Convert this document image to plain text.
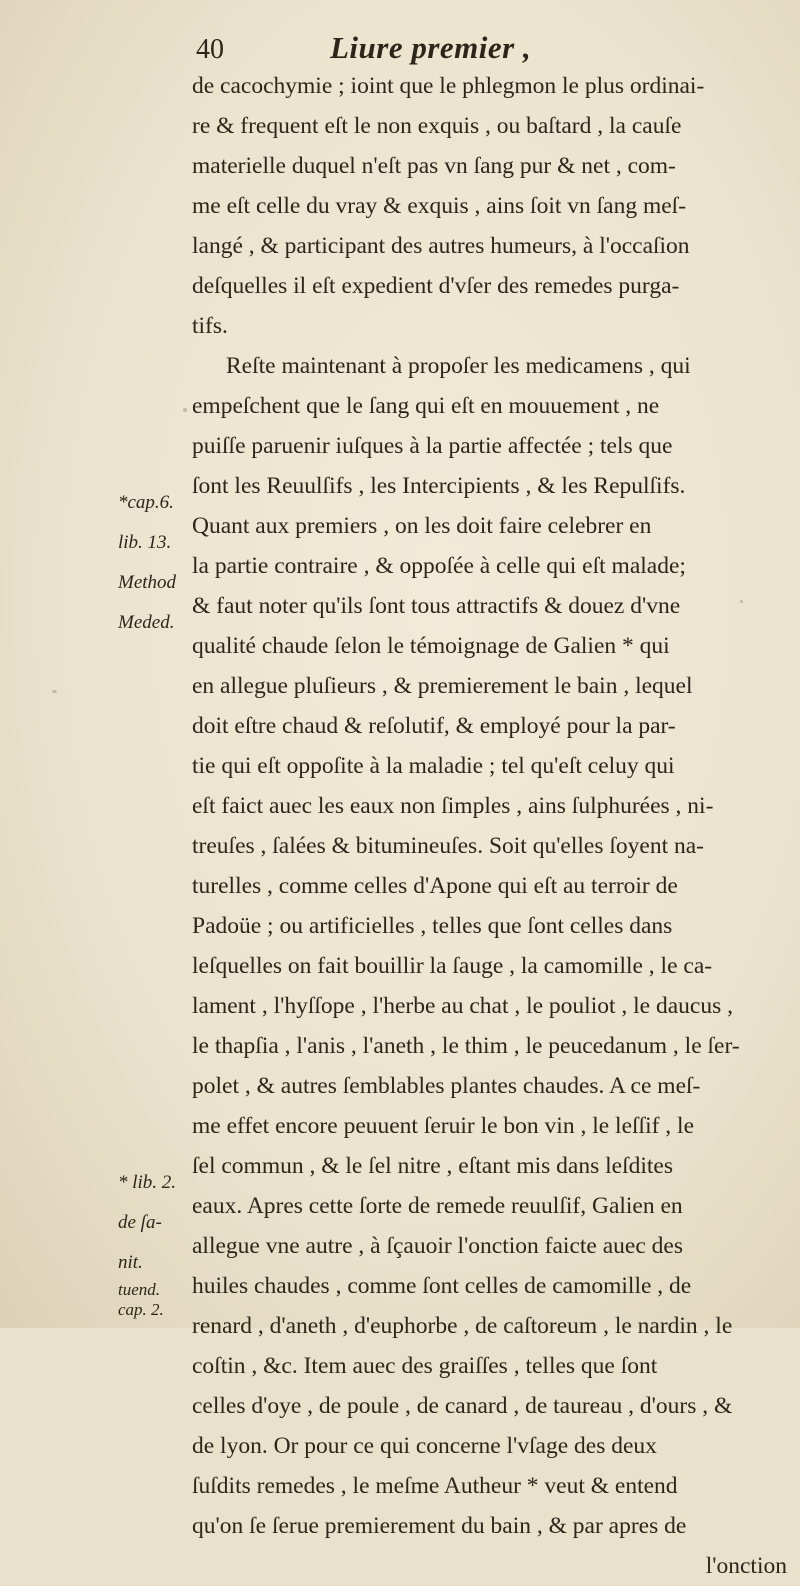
40	Liure premier ,
de cacochymie ; ioint que le phlegmon le plus ordinai-
re & frequent eſt le non exquis , ou baſtard , la cauſe
materielle duquel n'eſt pas vn ſang pur & net , com-
me eſt celle du vray & exquis , ains ſoit vn ſang meſ-
langé , & participant des autres humeurs, à l'occaſion
deſquelles il eſt expedient d'vſer des remedes purga-
tifs.
Reſte maintenant à propoſer les medicamens , qui
empeſchent que le ſang qui eſt en mouuement , ne
puiſſe paruenir iuſques à la partie affectée ; tels que
ſont les Reuulſifs , les Intercipients , & les Repulſifs.
Quant aux premiers , on les doit faire celebrer en
la partie contraire , & oppoſée à celle qui eſt malade;
& faut noter qu'ils ſont tous attractifs & douez d'vne
qualité chaude ſelon le témoignage de Galien * qui
en allegue pluſieurs , & premierement le bain , lequel
doit eſtre chaud & reſolutif, & employé pour la par-
tie qui eſt oppoſite à la maladie ; tel qu'eſt celuy qui
eſt faict auec les eaux non ſimples , ains ſulphurées , ni-
treuſes , ſalées & bitumineuſes. Soit qu'elles ſoyent na-
turelles , comme celles d'Apone qui eſt au terroir de
Padoüe ; ou artificielles , telles que ſont celles dans
leſquelles on fait bouillir la ſauge , la camomille , le ca-
lament , l'hyſſope , l'herbe au chat , le pouliot , le daucus ,
le thapſia , l'anis , l'aneth , le thim , le peucedanum , le ſer-
polet , & autres ſemblables plantes chaudes. A ce meſ-
me effet encore peuuent ſeruir le bon vin , le leſſif , le
ſel commun , & le ſel nitre , eſtant mis dans leſdites
eaux. Apres cette ſorte de remede reuulſif, Galien en
allegue vne autre , à ſçauoir l'onction faicte auec des
huiles chaudes , comme ſont celles de camomille , de
renard , d'aneth , d'euphorbe , de caſtoreum , le nardin , le
coſtin , &c. Item auec des graiſſes , telles que ſont
celles d'oye , de poule , de canard , de taureau , d'ours , &
de lyon. Or pour ce qui concerne l'vſage des deux
ſuſdits remedes , le meſme Autheur * veut & entend
qu'on ſe ſerue premierement du bain , & par apres de
l'onction
*cap.6.
lib. 13.
Method
Meded.
* lib. 2.
de ſa-
nit.
tuend.
cap. 2.
